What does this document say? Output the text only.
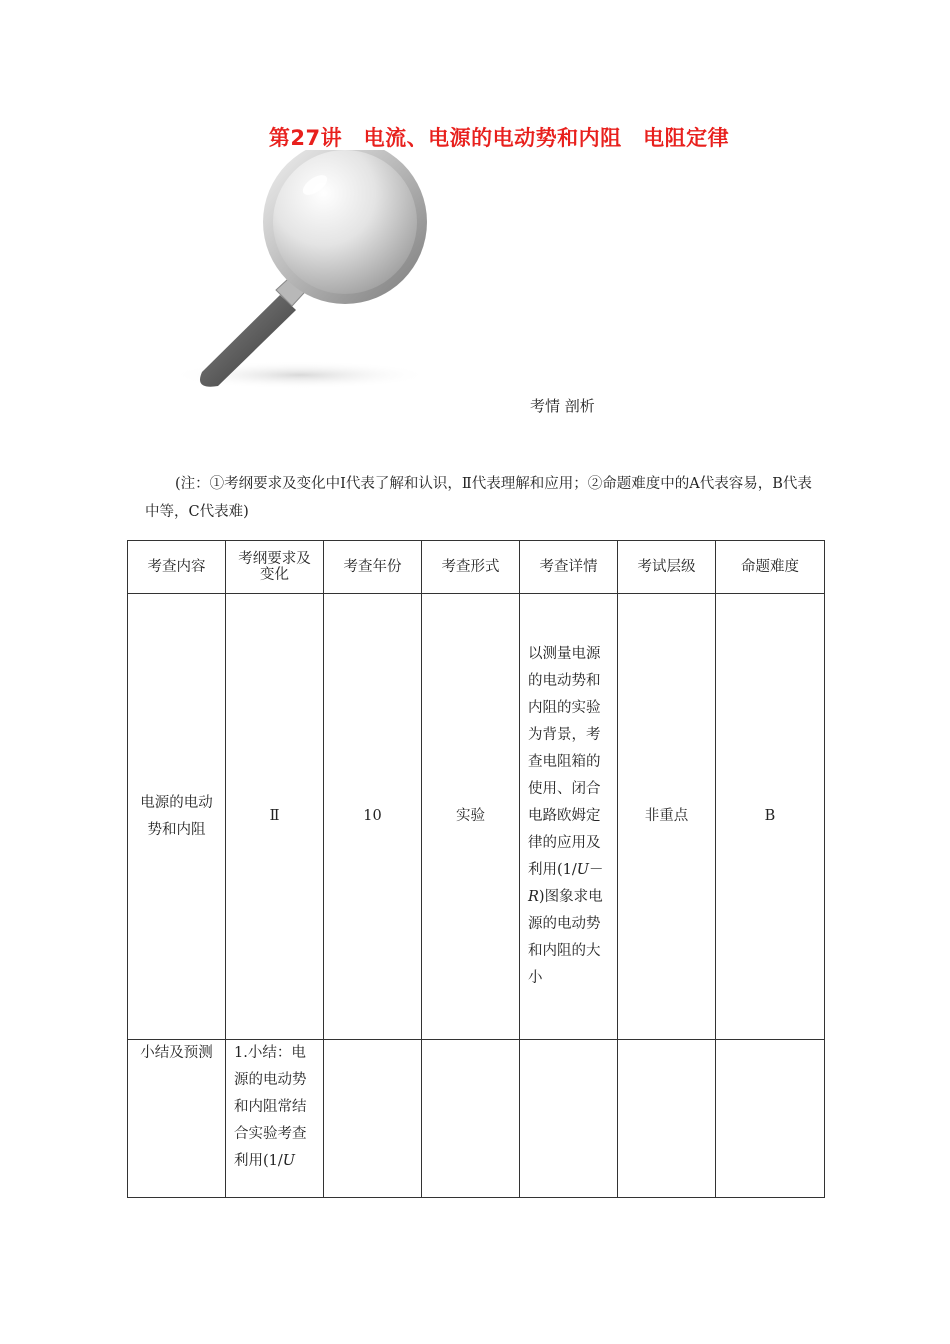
第27讲　电流、电源的电动势和内阻　电阻定律
考情 剖析
(注：①考纲要求及变化中Ⅰ代表了解和认识，Ⅱ代表理解和应用；②命题难度中的A代表容易，B代表中等，C代表难)
考查内容	考纲要求及变化	考查年份	考查形式	考查详情	考试层级	命题难度
电源的电动势和内阻	Ⅱ	10	实验	以测量电源的电动势和内阻的实验为背景，考查电阻箱的使用、闭合电路欧姆定律的应用及利用(1/U－R)图象求电源的电动势和内阻的大小	非重点	B
小结及预测	1.小结：电源的电动势和内阻常结合实验考查利用(1/U					
